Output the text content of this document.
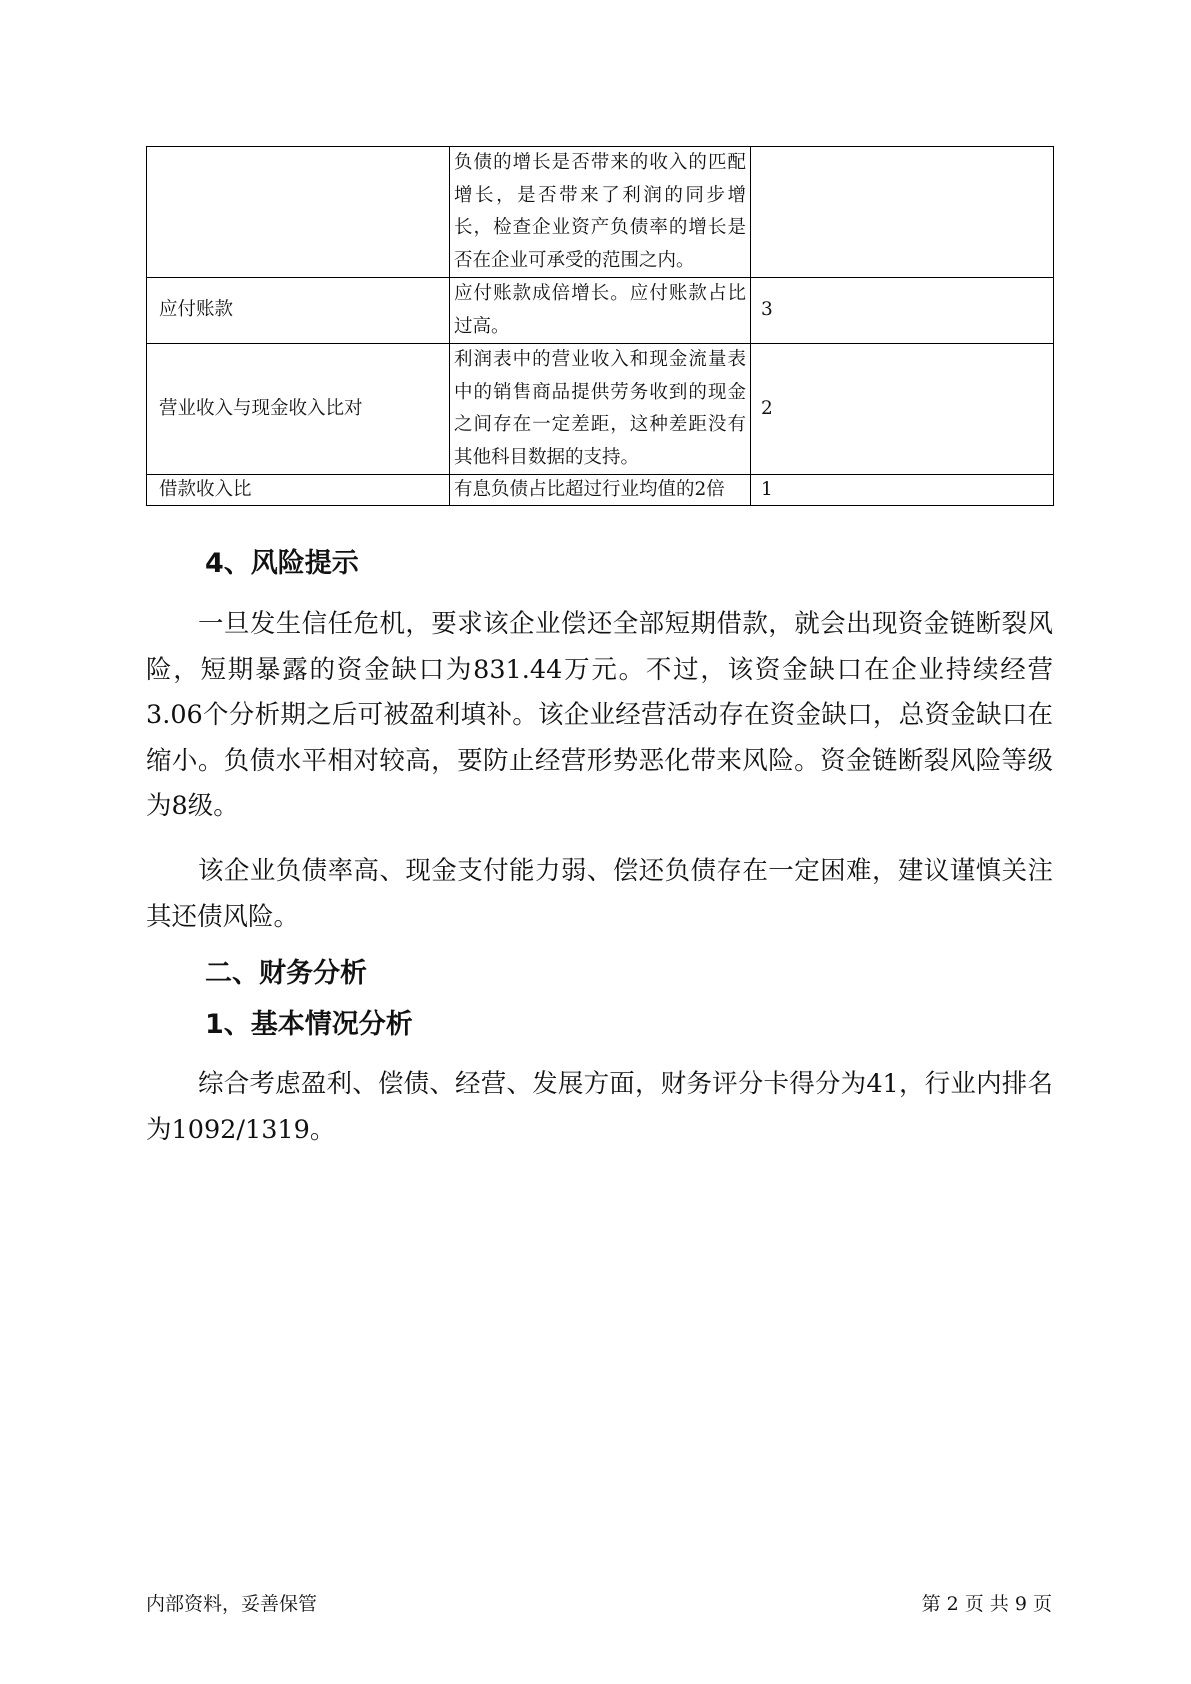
	负债的增长是否带来的收入的匹配增长，是否带来了利润的同步增长，检查企业资产负债率的增长是否在企业可承受的范围之内。	
应付账款	应付账款成倍增长。应付账款占比过高。	3
营业收入与现金收入比对	利润表中的营业收入和现金流量表中的销售商品提供劳务收到的现金之间存在一定差距，这种差距没有其他科目数据的支持。	2
借款收入比	有息负债占比超过行业均值的2倍	1
4、风险提示
一旦发生信任危机，要求该企业偿还全部短期借款，就会出现资金链断裂风险，短期暴露的资金缺口为831.44万元。不过，该资金缺口在企业持续经营 3.06个分析期之后可被盈利填补。该企业经营活动存在资金缺口，总资金缺口在缩小。负债水平相对较高，要防止经营形势恶化带来风险。资金链断裂风险等级为8级。
该企业负债率高、现金支付能力弱、偿还负债存在一定困难，建议谨慎关注其还债风险。
二、财务分析
1、基本情况分析
综合考虑盈利、偿债、经营、发展方面，财务评分卡得分为41，行业内排名为1092/1319。
内部资料，妥善保管	第 2 页 共 9 页
